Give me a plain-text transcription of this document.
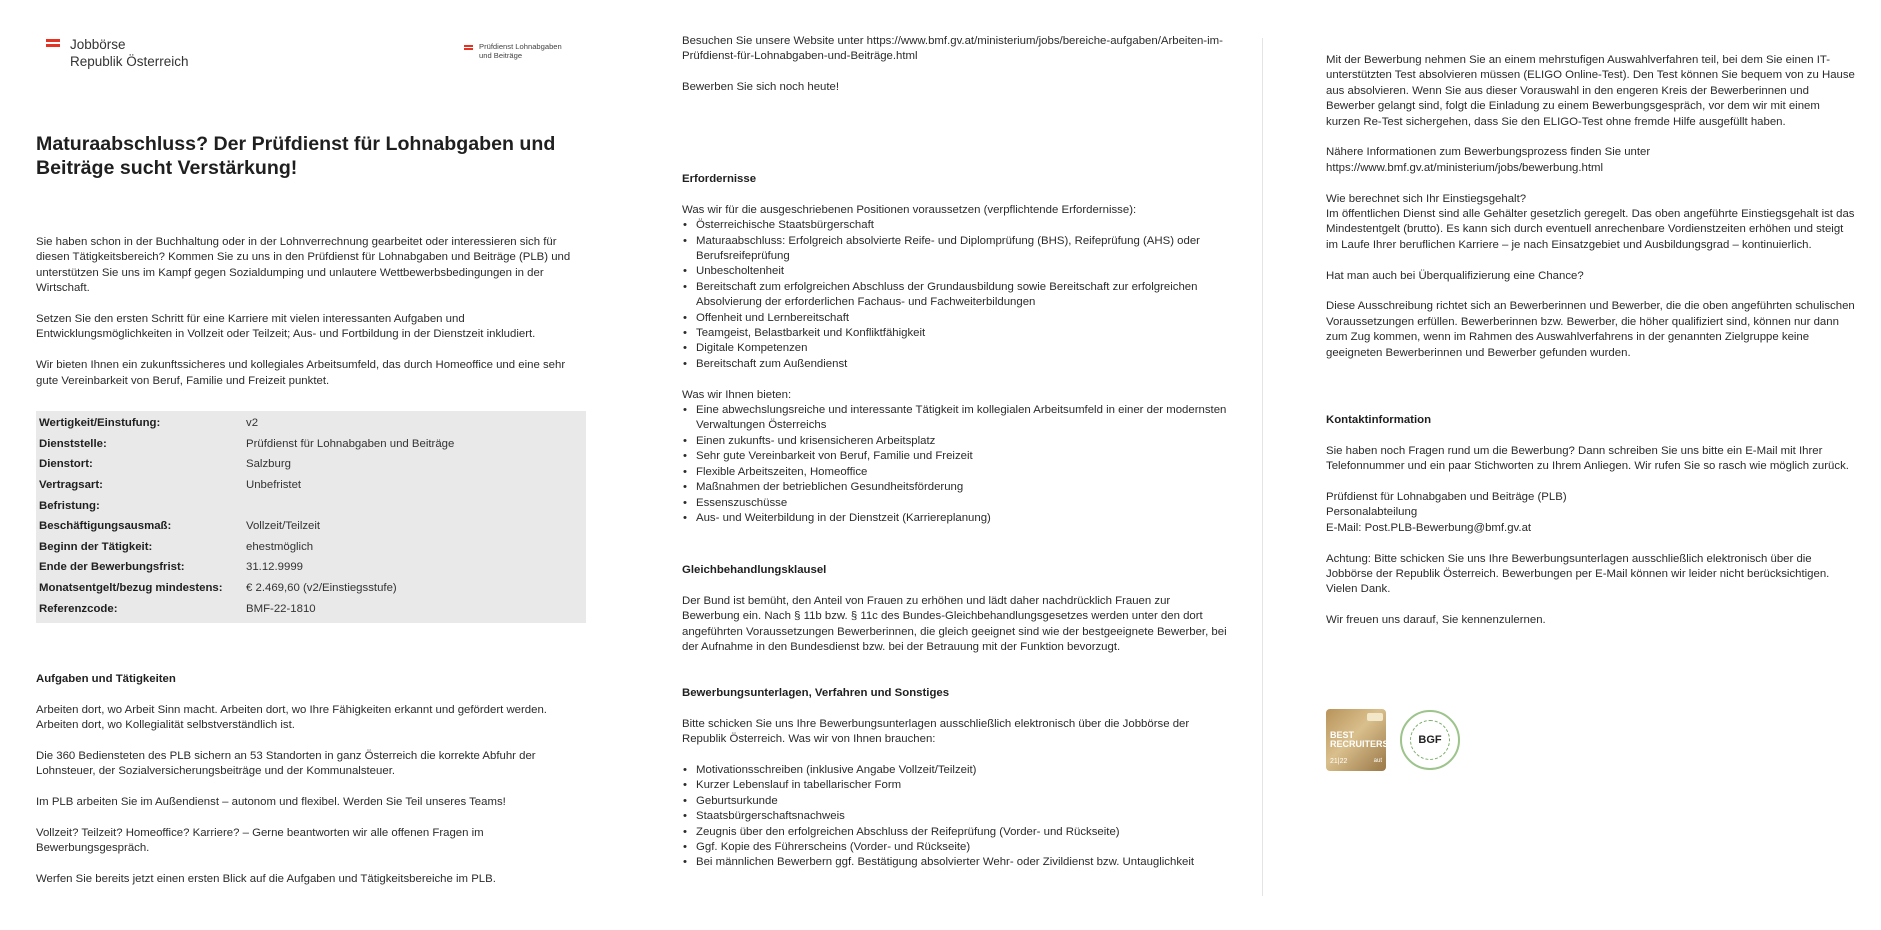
Jobbörse
Republik Österreich
Prüfdienst Lohnabgaben
und Beiträge
Maturaabschluss? Der Prüfdienst für Lohnabgaben und Beiträge sucht Verstärkung!

Sie haben schon in der Buchhaltung oder in der Lohnverrechnung gearbeitet oder interessieren sich für diesen Tätigkeitsbereich? Kommen Sie zu uns in den Prüfdienst für Lohnabgaben und Beiträge (PLB) und unterstützen Sie uns im Kampf gegen Sozialdumping und unlautere Wettbewerbsbedingungen in der Wirtschaft.

Setzen Sie den ersten Schritt für eine Karriere mit vielen interessanten Aufgaben und Entwicklungsmöglichkeiten in Vollzeit oder Teilzeit; Aus- und Fortbildung in der Dienstzeit inkludiert.

Wir bieten Ihnen ein zukunftssicheres und kollegiales Arbeitsumfeld, das durch Homeoffice und eine sehr gute Vereinbarkeit von Beruf, Familie und Freizeit punktet.

Wertigkeit/Einstufung:	v2
Dienststelle:	Prüfdienst für Lohnabgaben und Beiträge
Dienstort:	Salzburg
Vertragsart:	Unbefristet
Befristung:
Beschäftigungsausmaß:	Vollzeit/Teilzeit
Beginn der Tätigkeit:	ehestmöglich
Ende der Bewerbungsfrist:	31.12.9999
Monatsentgelt/bezug mindestens:	€ 2.469,60 (v2/Einstiegsstufe)
Referenzcode:	BMF-22-1810

Aufgaben und Tätigkeiten

Arbeiten dort, wo Arbeit Sinn macht. Arbeiten dort, wo Ihre Fähigkeiten erkannt und gefördert werden. Arbeiten dort, wo Kollegialität selbstverständlich ist.

Die 360 Bediensteten des PLB sichern an 53 Standorten in ganz Österreich die korrekte Abfuhr der Lohnsteuer, der Sozialversicherungsbeiträge und der Kommunalsteuer.

Im PLB arbeiten Sie im Außendienst – autonom und flexibel. Werden Sie Teil unseres Teams!

Vollzeit? Teilzeit? Homeoffice? Karriere? – Gerne beantworten wir alle offenen Fragen im Bewerbungsgespräch.

Werfen Sie bereits jetzt einen ersten Blick auf die Aufgaben und Tätigkeitsbereiche im PLB.

Besuchen Sie unsere Website unter https://www.bmf.gv.at/ministerium/jobs/bereiche-aufgaben/Arbeiten-im-Prüfdienst-für-Lohnabgaben-und-Beiträge.html

Bewerben Sie sich noch heute!

Erfordernisse

Was wir für die ausgeschriebenen Positionen voraussetzen (verpflichtende Erfordernisse):

• Österreichische Staatsbürgerschaft
• Maturaabschluss: Erfolgreich absolvierte Reife- und Diplomprüfung (BHS), Reifeprüfung (AHS) oder Berufsreifeprüfung
• Unbescholtenheit
• Bereitschaft zum erfolgreichen Abschluss der Grundausbildung sowie Bereitschaft zur erfolgreichen Absolvierung der erforderlichen Fachaus- und Fachweiterbildungen
• Offenheit und Lernbereitschaft
• Teamgeist, Belastbarkeit und Konfliktfähigkeit
• Digitale Kompetenzen
• Bereitschaft zum Außendienst

Was wir Ihnen bieten:

• Eine abwechslungsreiche und interessante Tätigkeit im kollegialen Arbeitsumfeld in einer der modernsten Verwaltungen Österreichs
• Einen zukunfts- und krisensicheren Arbeitsplatz
• Sehr gute Vereinbarkeit von Beruf, Familie und Freizeit
• Flexible Arbeitszeiten, Homeoffice
• Maßnahmen der betrieblichen Gesundheitsförderung
• Essenszuschüsse
• Aus- und Weiterbildung in der Dienstzeit (Karriereplanung)

Gleichbehandlungsklausel

Der Bund ist bemüht, den Anteil von Frauen zu erhöhen und lädt daher nachdrücklich Frauen zur Bewerbung ein. Nach § 11b bzw. § 11c des Bundes-Gleichbehandlungsgesetzes werden unter den dort angeführten Voraussetzungen Bewerberinnen, die gleich geeignet sind wie der bestgeeignete Bewerber, bei der Aufnahme in den Bundesdienst bzw. bei der Betrauung mit der Funktion bevorzugt.

Bewerbungsunterlagen, Verfahren und Sonstiges

Bitte schicken Sie uns Ihre Bewerbungsunterlagen ausschließlich elektronisch über die Jobbörse der Republik Österreich. Was wir von Ihnen brauchen:

• Motivationsschreiben (inklusive Angabe Vollzeit/Teilzeit)
• Kurzer Lebenslauf in tabellarischer Form
• Geburtsurkunde
• Staatsbürgerschaftsnachweis
• Zeugnis über den erfolgreichen Abschluss der Reifeprüfung (Vorder- und Rückseite)
• Ggf. Kopie des Führerscheins (Vorder- und Rückseite)
• Bei männlichen Bewerbern ggf. Bestätigung absolvierter Wehr- oder Zivildienst bzw. Untauglichkeit

Mit der Bewerbung nehmen Sie an einem mehrstufigen Auswahlverfahren teil, bei dem Sie einen IT-unterstützten Test absolvieren müssen (ELIGO Online-Test). Den Test können Sie bequem von zu Hause aus absolvieren. Wenn Sie aus dieser Vorauswahl in den engeren Kreis der Bewerberinnen und Bewerber gelangt sind, folgt die Einladung zu einem Bewerbungsgespräch, vor dem wir mit einem kurzen Re-Test sichergehen, dass Sie den ELIGO-Test ohne fremde Hilfe ausgefüllt haben.

Nähere Informationen zum Bewerbungsprozess finden Sie unter https://www.bmf.gv.at/ministerium/jobs/bewerbung.html

Wie berechnet sich Ihr Einstiegsgehalt?

Im öffentlichen Dienst sind alle Gehälter gesetzlich geregelt. Das oben angeführte Einstiegsgehalt ist das Mindestentgelt (brutto). Es kann sich durch eventuell anrechenbare Vordienstzeiten erhöhen und steigt im Laufe Ihrer beruflichen Karriere – je nach Einsatzgebiet und Ausbildungsgrad – kontinuierlich.

Hat man auch bei Überqualifizierung eine Chance?

Diese Ausschreibung richtet sich an Bewerberinnen und Bewerber, die die oben angeführten schulischen Voraussetzungen erfüllen. Bewerberinnen bzw. Bewerber, die höher qualifiziert sind, können nur dann zum Zug kommen, wenn im Rahmen des Auswahlverfahrens in der genannten Zielgruppe keine geeigneten Bewerberinnen und Bewerber gefunden wurden.

Kontaktinformation

Sie haben noch Fragen rund um die Bewerbung? Dann schreiben Sie uns bitte ein E-Mail mit Ihrer Telefonnummer und ein paar Stichworten zu Ihrem Anliegen. Wir rufen Sie so rasch wie möglich zurück.

Prüfdienst für Lohnabgaben und Beiträge (PLB)

Personalabteilung

E-Mail: Post.PLB-Bewerbung@bmf.gv.at

Achtung: Bitte schicken Sie uns Ihre Bewerbungsunterlagen ausschließlich elektronisch über die Jobbörse der Republik Österreich. Bewerbungen per E-Mail können wir leider nicht berücksichtigen. Vielen Dank.

Wir freuen uns darauf, Sie kennenzulernen.

BEST RECRUITERS
21|22	aut
BGF
